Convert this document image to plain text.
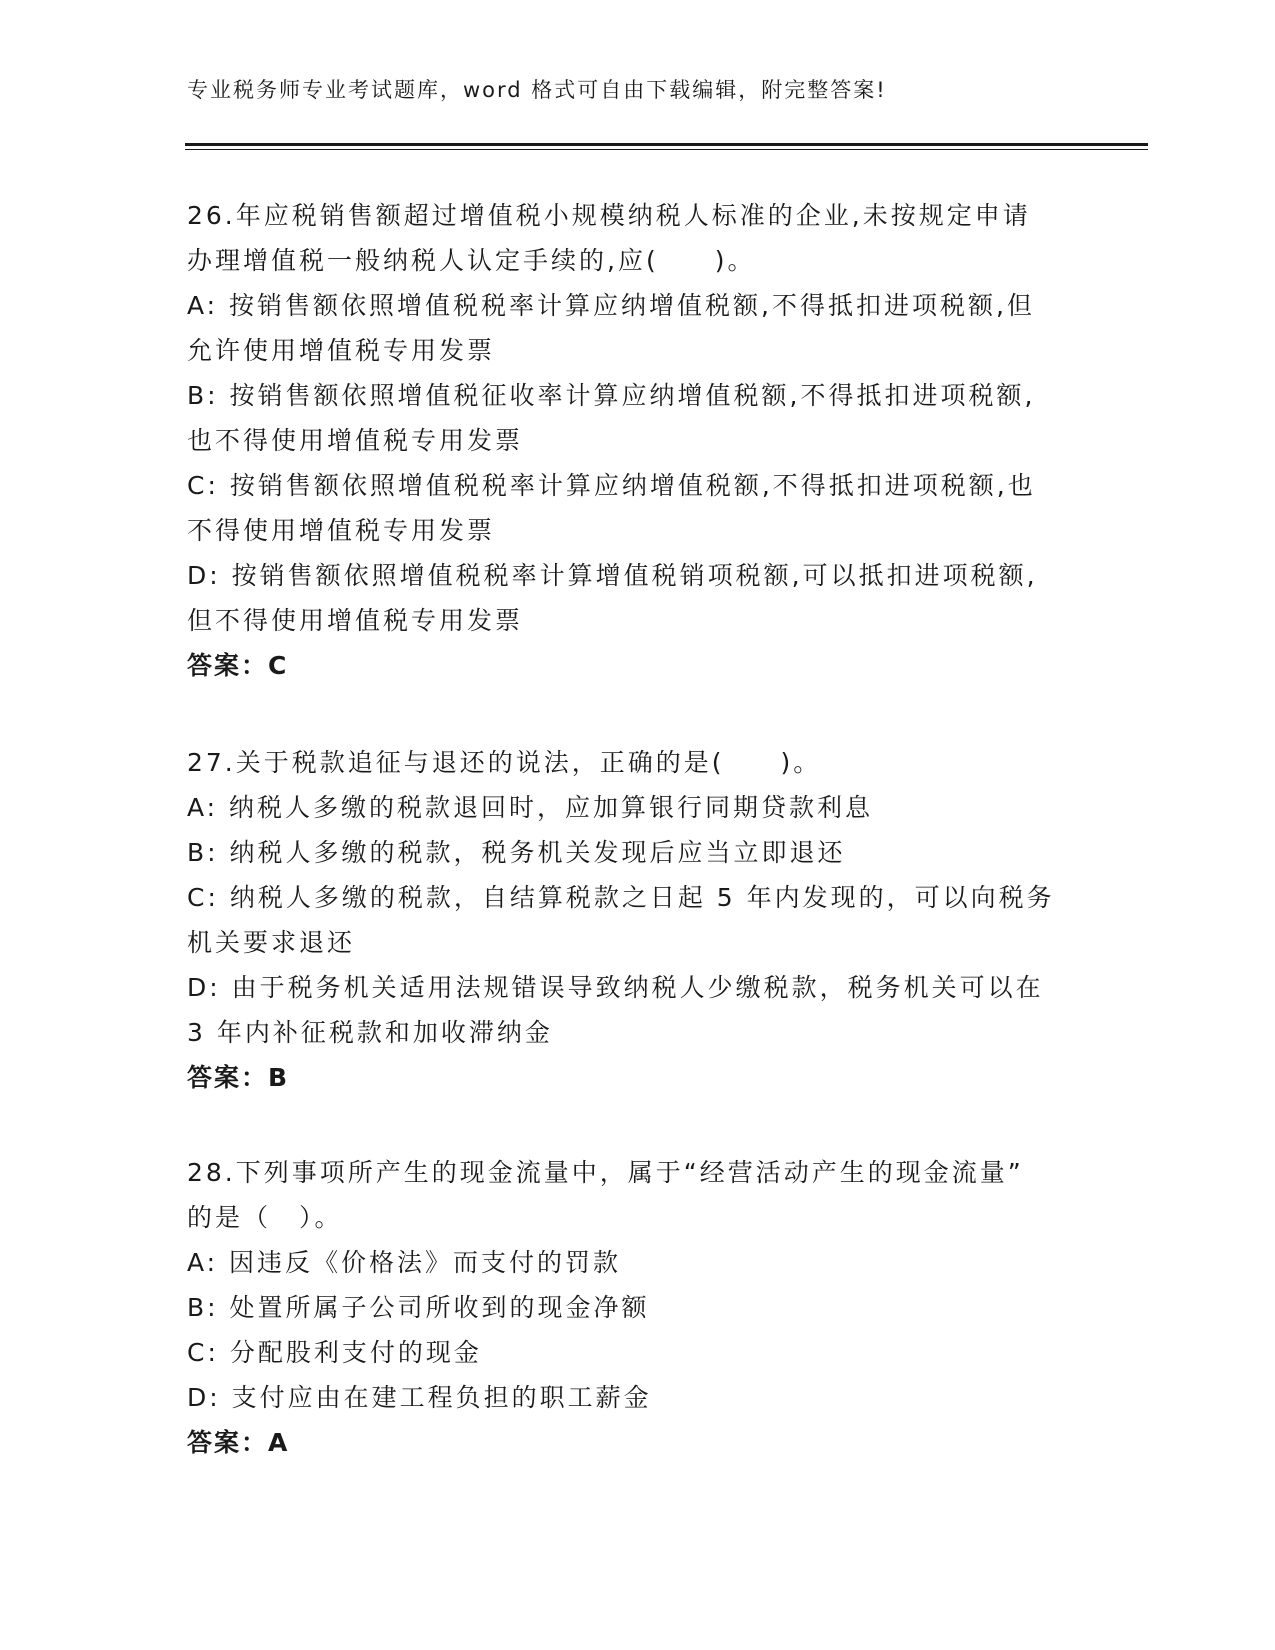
专业税务师专业考试题库，word 格式可自由下载编辑，附完整答案!
26.年应税销售额超过增值税小规模纳税人标准的企业,未按规定申请
办理增值税一般纳税人认定手续的,应(　　)。
A: 按销售额依照增值税税率计算应纳增值税额,不得抵扣进项税额,但
允许使用增值税专用发票
B: 按销售额依照增值税征收率计算应纳增值税额,不得抵扣进项税额,
也不得使用增值税专用发票
C: 按销售额依照增值税税率计算应纳增值税额,不得抵扣进项税额,也
不得使用增值税专用发票
D: 按销售额依照增值税税率计算增值税销项税额,可以抵扣进项税额,
但不得使用增值税专用发票
答案：C
27.关于税款追征与退还的说法，正确的是(　　)。
A: 纳税人多缴的税款退回时，应加算银行同期贷款利息
B: 纳税人多缴的税款，税务机关发现后应当立即退还
C: 纳税人多缴的税款，自结算税款之日起 5 年内发现的，可以向税务
机关要求退还
D: 由于税务机关适用法规错误导致纳税人少缴税款，税务机关可以在
3 年内补征税款和加收滞纳金
答案：B
28.下列事项所产生的现金流量中，属于“经营活动产生的现金流量”
的是（　）。
A: 因违反《价格法》而支付的罚款
B: 处置所属子公司所收到的现金净额
C: 分配股利支付的现金
D: 支付应由在建工程负担的职工薪金
答案：A
